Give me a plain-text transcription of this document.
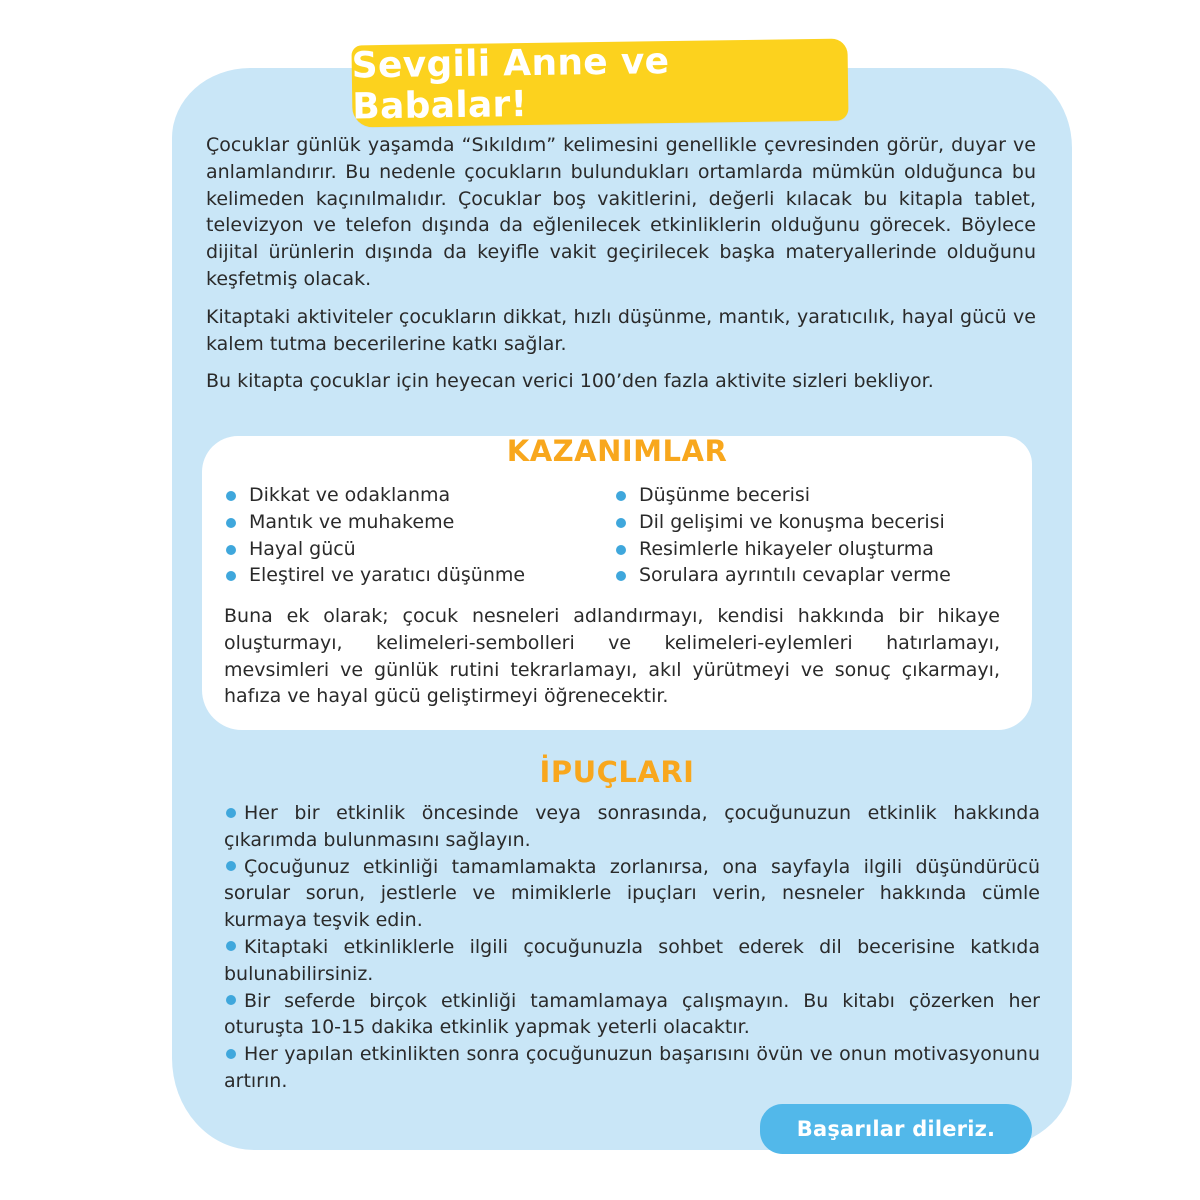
Sevgili Anne ve Babalar!

Çocuklar günlük yaşamda “Sıkıldım” kelimesini genellikle çevresinden görür, duyar ve anlamlandırır. Bu nedenle çocukların bulundukları ortamlarda mümkün olduğunca bu kelimeden kaçınılmalıdır. Çocuklar boş vakitlerini, değerli kılacak bu kitapla tablet, televizyon ve telefon dışında da eğlenilecek etkinliklerin olduğunu görecek. Böylece dijital ürünlerin dışında da keyifle vakit geçirilecek başka materyallerinde olduğunu keşfetmiş olacak.

Kitaptaki aktiviteler çocukların dikkat, hızlı düşünme, mantık, yaratıcılık, hayal gücü ve kalem tutma becerilerine katkı sağlar.

Bu kitapta çocuklar için heyecan verici 100’den fazla aktivite sizleri bekliyor.

KAZANIMLAR
Dikkat ve odaklanma
Mantık ve muhakeme
Hayal gücü
Eleştirel ve yaratıcı düşünme
Düşünme becerisi
Dil gelişimi ve konuşma becerisi
Resimlerle hikayeler oluşturma
Sorulara ayrıntılı cevaplar verme
Buna ek olarak; çocuk nesneleri adlandırmayı, kendisi hakkında bir hikaye oluşturmayı, kelimeleri-sembolleri ve kelimeleri-eylemleri hatırlamayı, mevsimleri ve günlük rutini tekrarlamayı, akıl yürütmeyi ve sonuç çıkarmayı, hafıza ve hayal gücü geliştirmeyi öğrenecektir.
İPUÇLARI

Her bir etkinlik öncesinde veya sonrasında, çocuğunuzun etkinlik hakkında çıkarımda bulunmasını sağlayın.

Çocuğunuz etkinliği tamamlamakta zorlanırsa, ona sayfayla ilgili düşündürücü sorular sorun, jestlerle ve mimiklerle ipuçları verin, nesneler hakkında cümle kurmaya teşvik edin.

Kitaptaki etkinliklerle ilgili çocuğunuzla sohbet ederek dil becerisine katkıda bulunabilirsiniz.

Bir seferde birçok etkinliği tamamlamaya çalışmayın. Bu kitabı çözerken her oturuşta 10-15 dakika etkinlik yapmak yeterli olacaktır.

Her yapılan etkinlikten sonra çocuğunuzun başarısını övün ve onun motivasyonunu artırın.

Başarılar dileriz.
